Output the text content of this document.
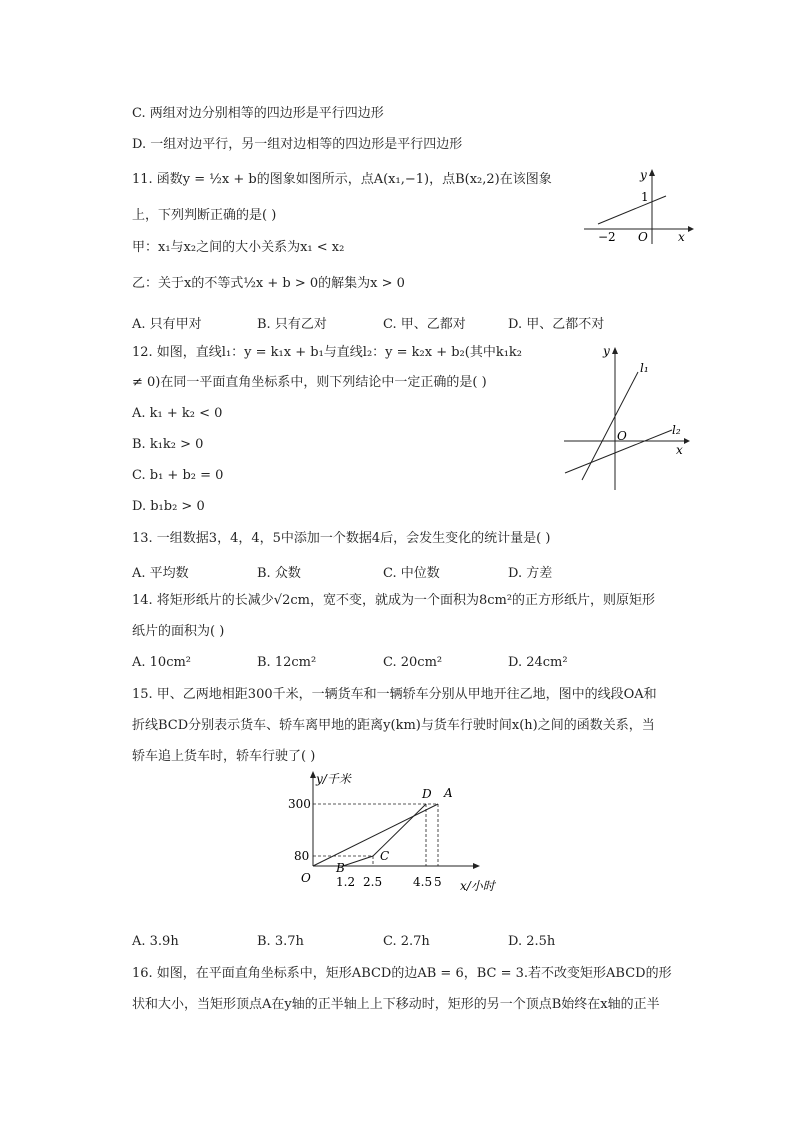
C. 两组对边分别相等的四边形是平行四边形
D. 一组对边平行，另一组对边相等的四边形是平行四边形
11. 函数y = ½x + b的图象如图所示，点A(x₁,−1)，点B(x₂,2)在该图象
上，下列判断正确的是( )
甲：x₁与x₂之间的大小关系为x₁ < x₂
乙：关于x的不等式½x + b > 0的解集为x > 0
A. 只有甲对	B. 只有乙对	C. 甲、乙都对	D. 甲、乙都不对
y
x
1
−2 O
12. 如图，直线l₁：y = k₁x + b₁与直线l₂：y = k₂x + b₂(其中k₁k₂
≠ 0)在同一平面直角坐标系中，则下列结论中一定正确的是( )
A. k₁ + k₂ < 0
B. k₁k₂ > 0
C. b₁ + b₂ = 0
D. b₁b₂ > 0
y
x
l₁
l₂
O
13. 一组数据3，4，4，5中添加一个数据4后，会发生变化的统计量是( )
A. 平均数	B. 众数	C. 中位数	D. 方差
14. 将矩形纸片的长减少√2cm，宽不变，就成为一个面积为8cm²的正方形纸片，则原矩形
纸片的面积为( )
A. 10cm²	B. 12cm²	C. 20cm²	D. 24cm²
15. 甲、乙两地相距300千米，一辆货车和一辆轿车分别从甲地开往乙地，图中的线段OA和
折线BCD分别表示货车、轿车离甲地的距离y(km)与货车行驶时间x(h)之间的函数关系，当
轿车追上货车时，轿车行驶了( )
y/千米
x/小时
300
80
O 1.2 2.5	4.5 5
A
D
B
C
A. 3.9h	B. 3.7h	C. 2.7h	D. 2.5h
16. 如图，在平面直角坐标系中，矩形ABCD的边AB = 6，BC = 3.若不改变矩形ABCD的形
状和大小，当矩形顶点A在y轴的正半轴上上下移动时，矩形的另一个顶点B始终在x轴的正半
